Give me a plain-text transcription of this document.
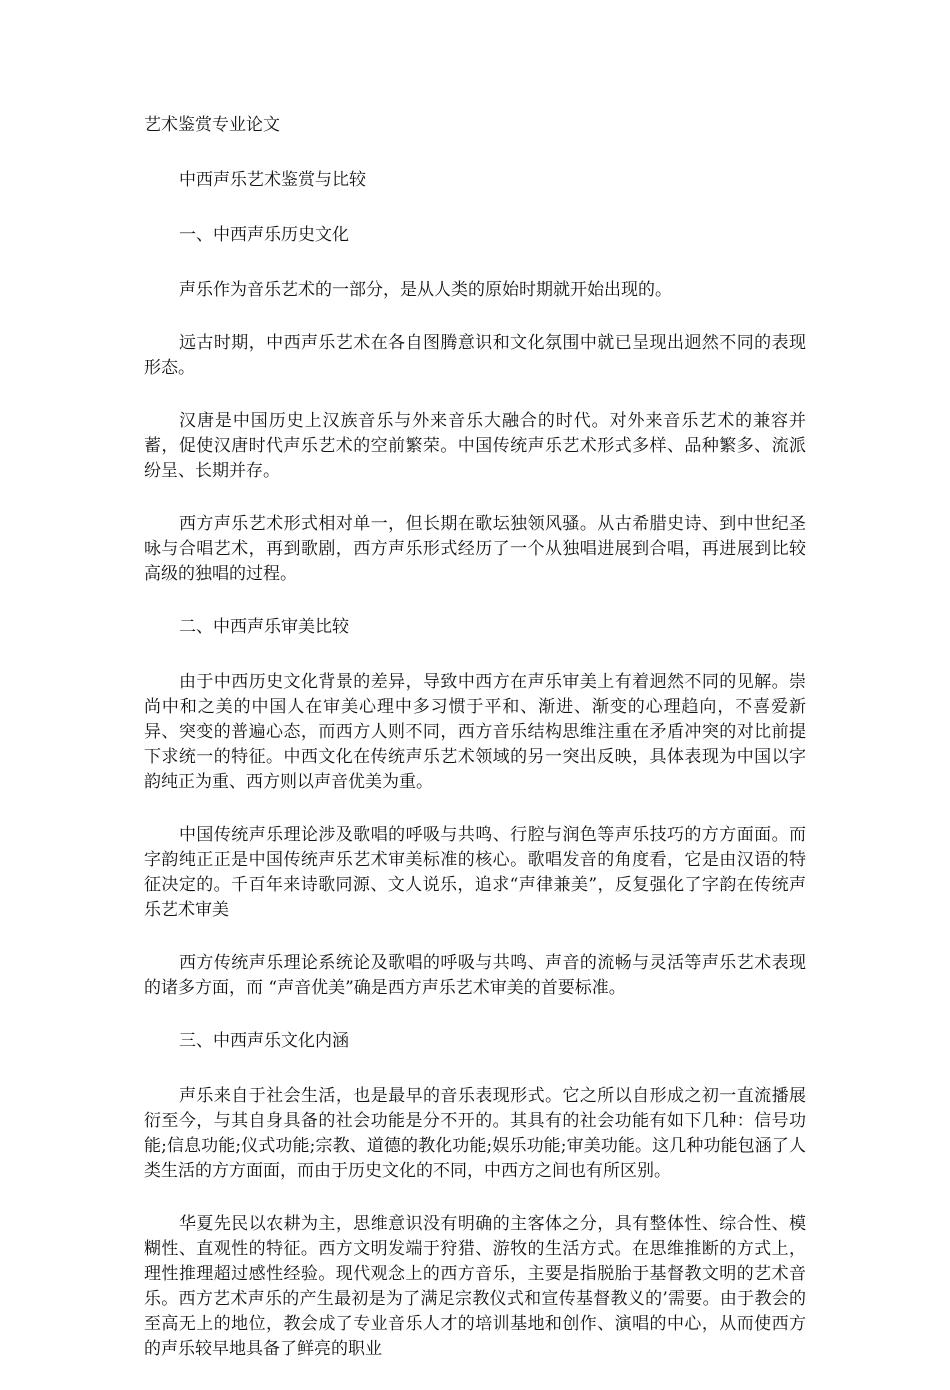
艺术鉴赏专业论文
中西声乐艺术鉴赏与比较
一、中西声乐历史文化
声乐作为音乐艺术的一部分，是从人类的原始时期就开始出现的。
远古时期，中西声乐艺术在各自图腾意识和文化氛围中就已呈现出迥然不同的表现形态。
汉唐是中国历史上汉族音乐与外来音乐大融合的时代。对外来音乐艺术的兼容并蓄，促使汉唐时代声乐艺术的空前繁荣。中国传统声乐艺术形式多样、品种繁多、流派纷呈、长期并存。
西方声乐艺术形式相对单一，但长期在歌坛独领风骚。从古希腊史诗、到中世纪圣咏与合唱艺术，再到歌剧，西方声乐形式经历了一个从独唱进展到合唱，再进展到比较高级的独唱的过程。
二、中西声乐审美比较
由于中西历史文化背景的差异，导致中西方在声乐审美上有着迥然不同的见解。崇尚中和之美的中国人在审美心理中多习惯于平和、渐进、渐变的心理趋向，不喜爱新异、突变的普遍心态，而西方人则不同，西方音乐结构思维注重在矛盾冲突的对比前提下求统一的特征。中西文化在传统声乐艺术领域的另一突出反映，具体表现为中国以字韵纯正为重、西方则以声音优美为重。
中国传统声乐理论涉及歌唱的呼吸与共鸣、行腔与润色等声乐技巧的方方面面。而字韵纯正正是中国传统声乐艺术审美标准的核心。歌唱发音的角度看，它是由汉语的特征决定的。千百年来诗歌同源、文人说乐，追求“声律兼美”，反复强化了字韵在传统声乐艺术审美
西方传统声乐理论系统论及歌唱的呼吸与共鸣、声音的流畅与灵活等声乐艺术表现的诸多方面，而 “声音优美”确是西方声乐艺术审美的首要标准。
三、中西声乐文化内涵
声乐来自于社会生活，也是最早的音乐表现形式。它之所以自形成之初一直流播展衍至今，与其自身具备的社会功能是分不开的。其具有的社会功能有如下几种：信号功能;信息功能;仪式功能;宗教、道德的教化功能;娱乐功能;审美功能。这几种功能包涵了人类生活的方方面面，而由于历史文化的不同，中西方之间也有所区别。
华夏先民以农耕为主，思维意识没有明确的主客体之分，具有整体性、综合性、模糊性、直观性的特征。西方文明发端于狩猎、游牧的生活方式。在思维推断的方式上，理性推理超过感性经验。现代观念上的西方音乐，主要是指脱胎于基督教文明的艺术音乐。西方艺术声乐的产生最初是为了满足宗教仪式和宣传基督教义的’需要。由于教会的至高无上的地位，教会成了专业音乐人才的培训基地和创作、演唱的中心，从而使西方的声乐较早地具备了鲜亮的职业
